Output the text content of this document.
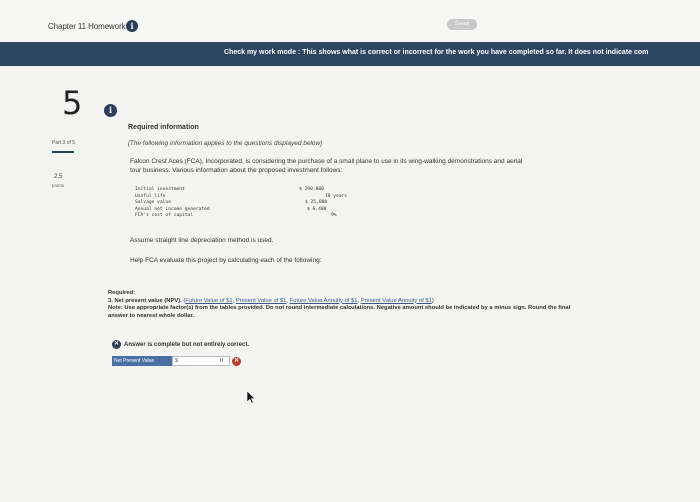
Chapter 11 Homework i	Saved
Check my work mode : This shows what is correct or incorrect for the work you have completed so far. It does not indicate com
5	i
Part 3 of 5
2.5
points
Required information
[The following information applies to the questions displayed below]
Falcon Crest Aces (FCA), Incorporated, is considering the purchase of a small plane to use in its wing-walking demonstrations and aerial tour business. Various information about the proposed investment follows:
Initial investment	$ 290,000
Useful life	10 years
Salvage value	$ 25,000
Annual net income generated	$ 6,400
FCA's cost of capital	9%
Assume straight line depreciation method is used.
Help FCA evaluate this project by calculating each of the following:
Required:
3. Net present value (NPV). (Future Value of $1, Present Value of $1, Future Value Annuity of $1, Present Value Annuity of $1)
Note: Use appropriate factor(s) from the tables provided. Do not round intermediate calculations. Negative amount should be indicated by a minus sign. Round the final answer to nearest whole dollar.
✕ Answer is complete but not entirely correct.
Net Present Value	$	0	✕
